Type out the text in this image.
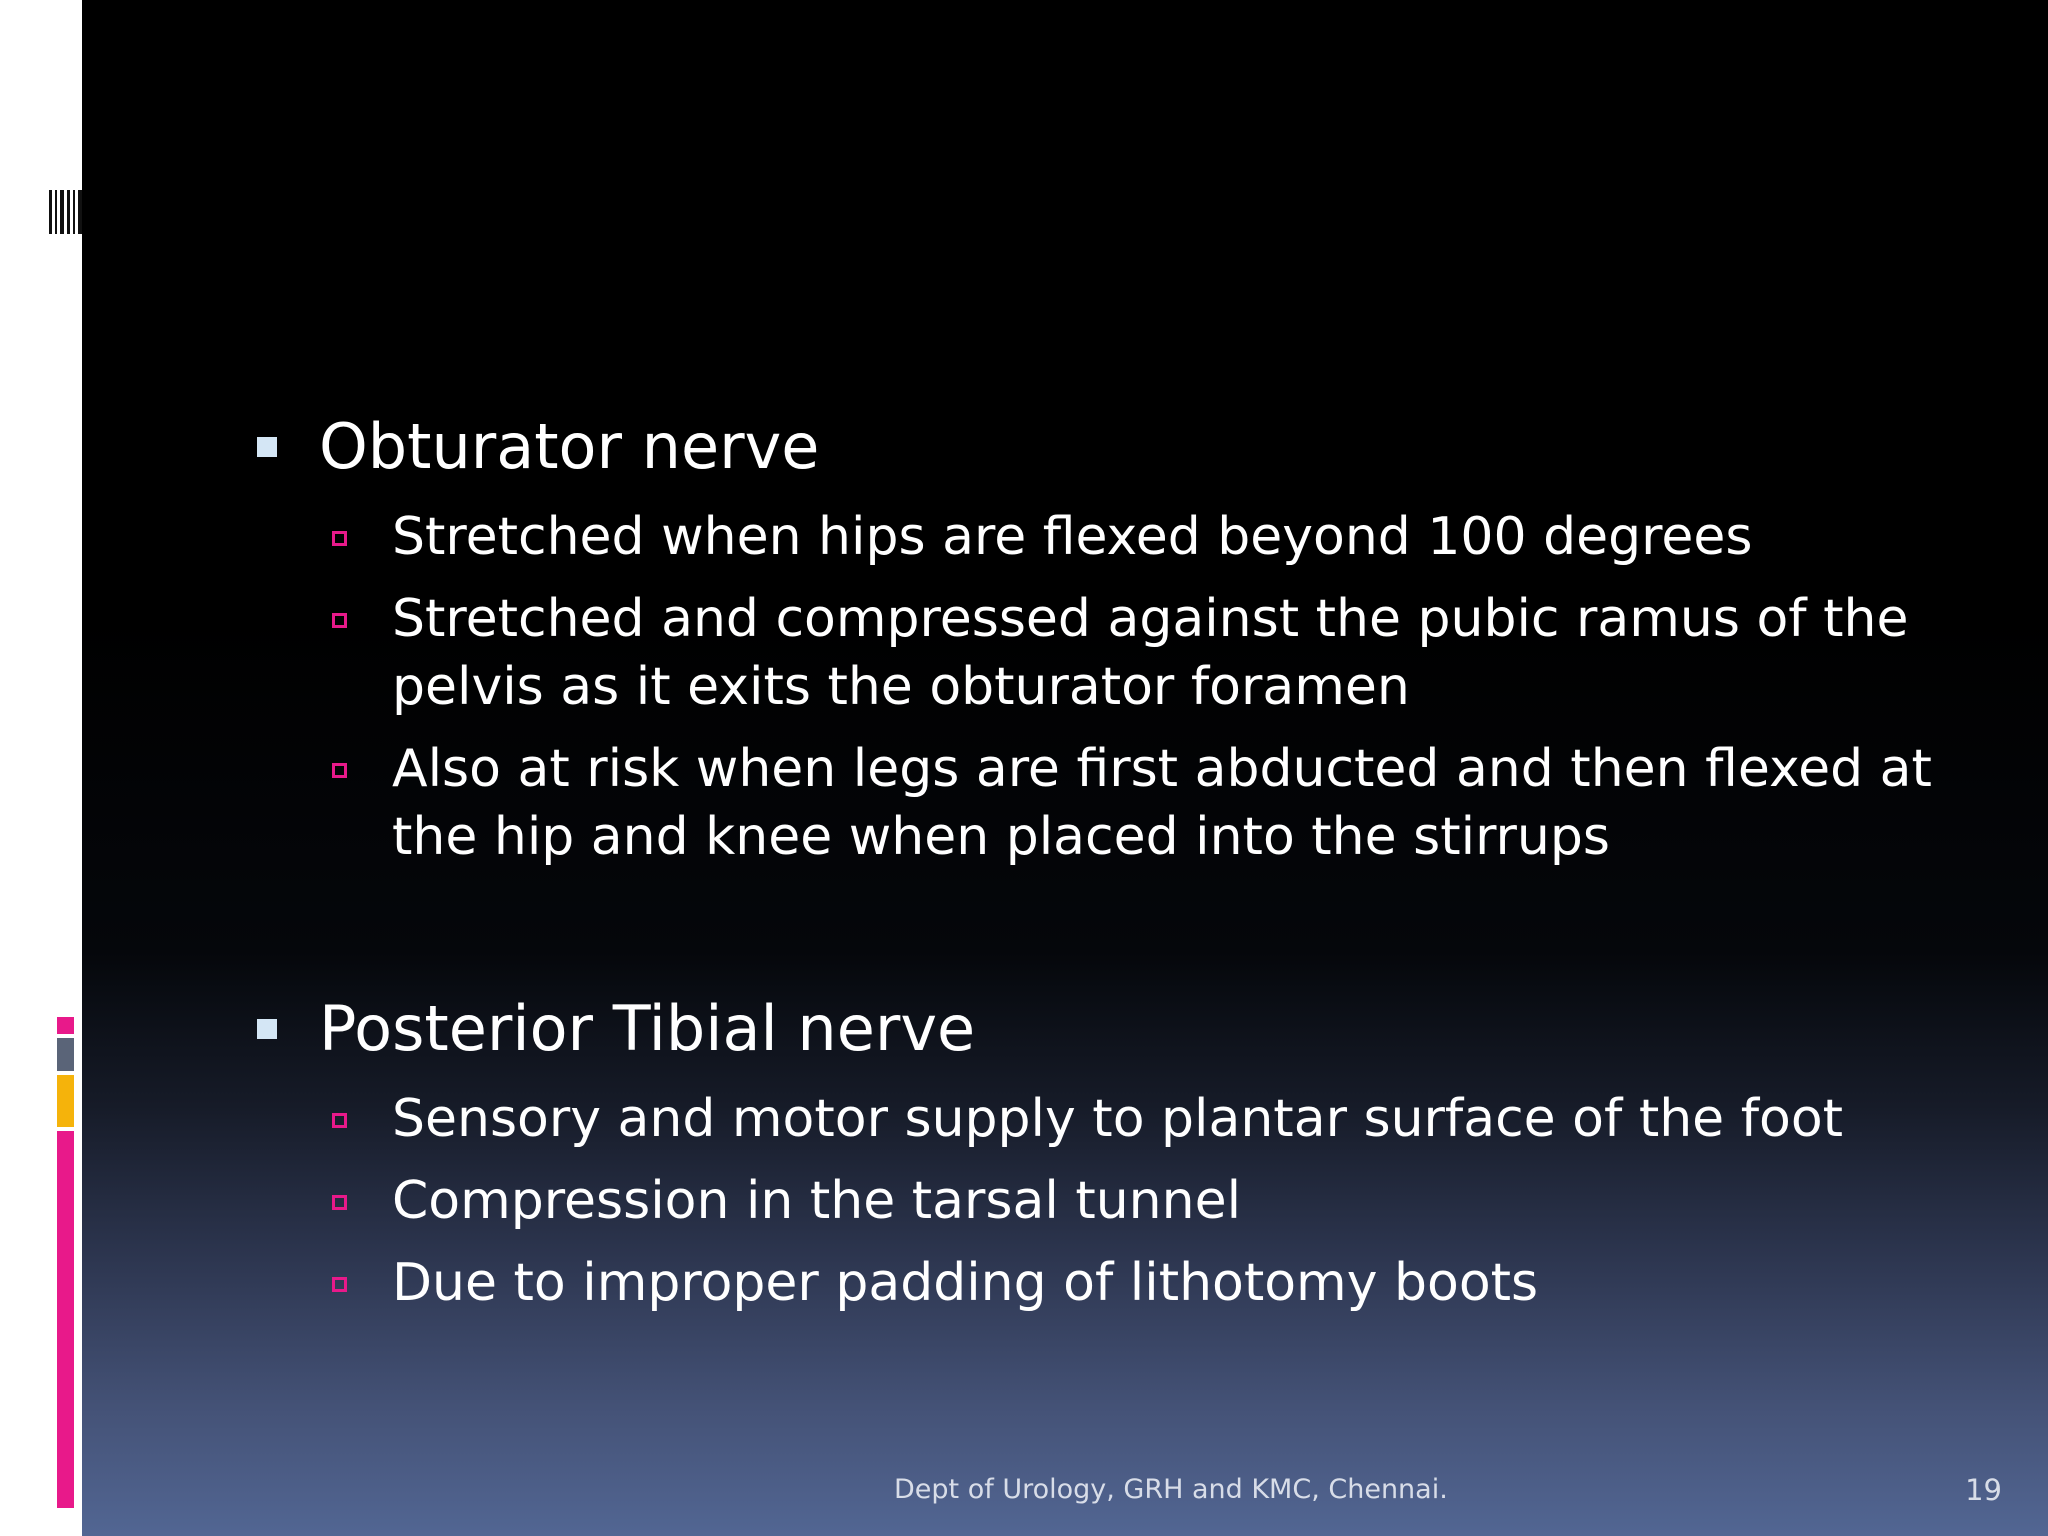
Obturator nerve
Stretched when hips are flexed beyond 100 degrees
Stretched and compressed against the pubic ramus of the
pelvis as it exits the obturator foramen
Also at risk when legs are first abducted and then flexed at
the hip and knee when placed into the stirrups
Posterior Tibial nerve
Sensory and motor supply to plantar surface of the foot
Compression in the tarsal tunnel
Due to improper padding of lithotomy boots
Dept of Urology, GRH and KMC, Chennai.	19
